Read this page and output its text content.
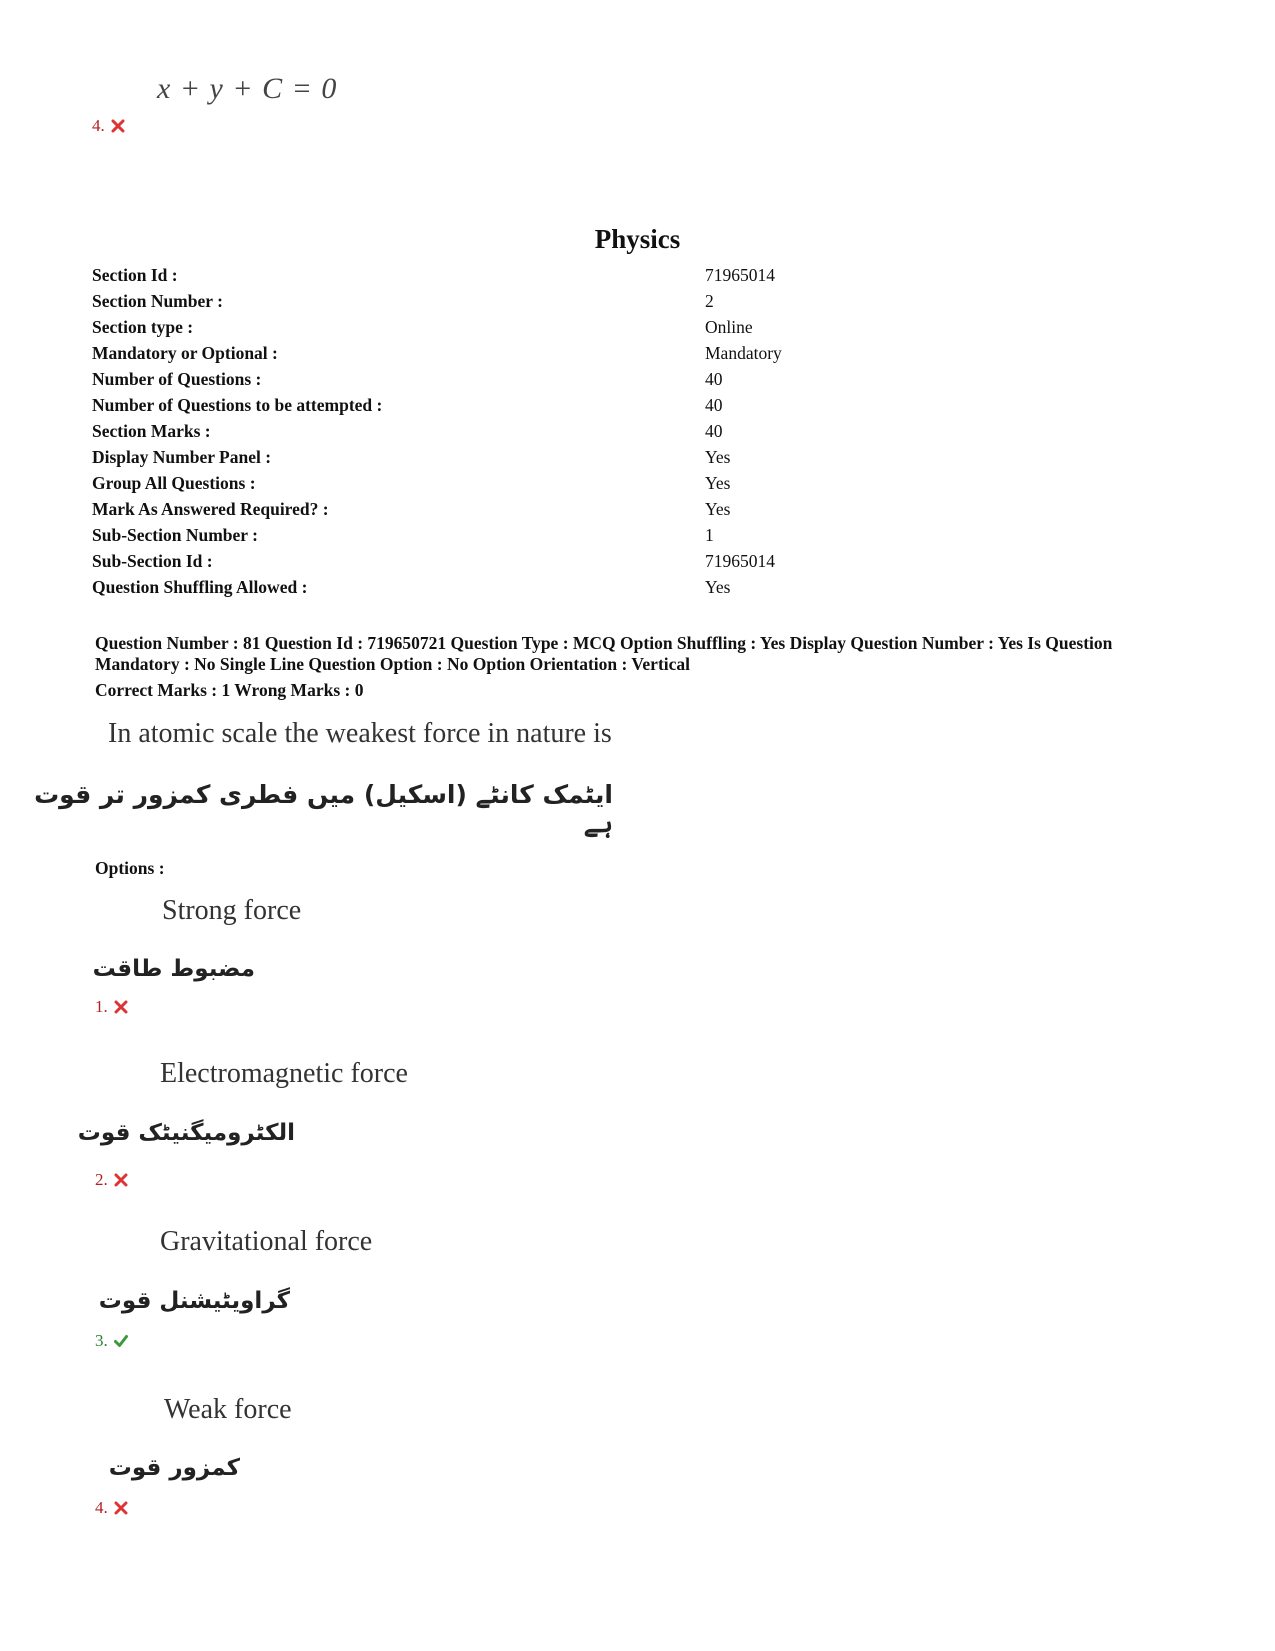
x + y + C = 0
4.
Physics
Section Id :	71965014
Section Number :	2
Section type :	Online
Mandatory or Optional :	Mandatory
Number of Questions :	40
Number of Questions to be attempted :	40
Section Marks :	40
Display Number Panel :	Yes
Group All Questions :	Yes
Mark As Answered Required? :	Yes
Sub-Section Number :	1
Sub-Section Id :	71965014
Question Shuffling Allowed :	Yes
Question Number : 81 Question Id : 719650721 Question Type : MCQ Option Shuffling : Yes Display Question Number : Yes Is Question Mandatory : No Single Line Question Option : No Option Orientation : Vertical
Correct Marks : 1 Wrong Marks : 0
In atomic scale the weakest force in nature is
ایٹمک کانٹے (اسکیل) میں فطری کمزور تر قوت ہے
Options :
Strong force
مضبوط طاقت
1.
Electromagnetic force
الکٹرومیگنیٹک قوت
2.
Gravitational force
گراویٹیشنل قوت
3.
Weak force
کمزور قوت
4.
